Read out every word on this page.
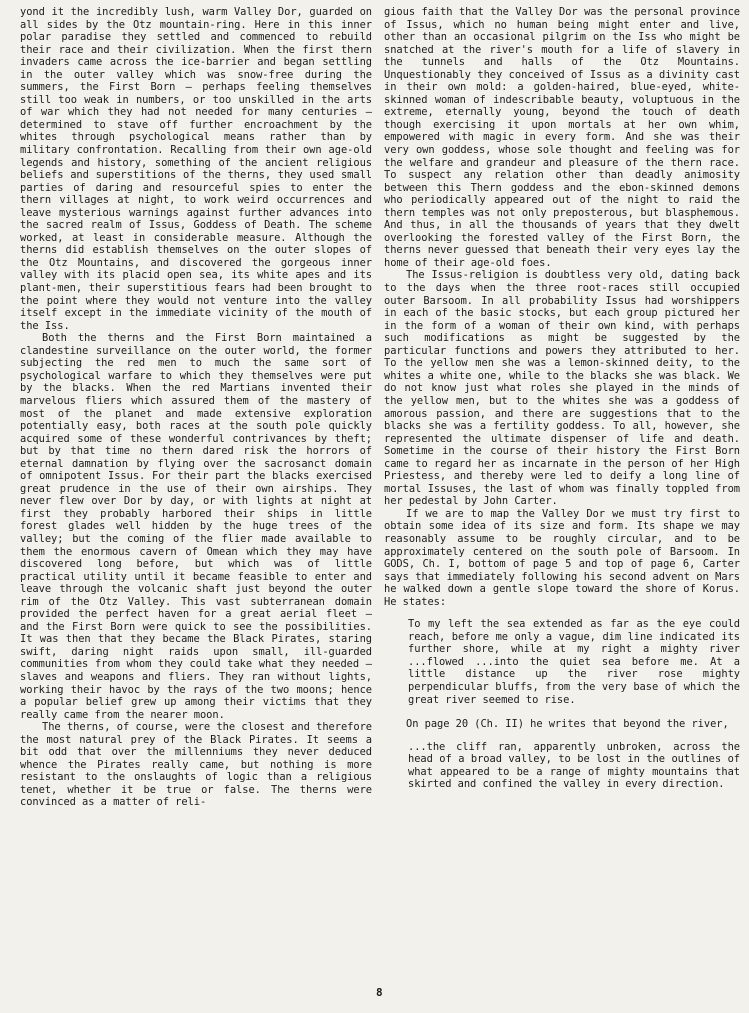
yond it the incredibly lush, warm Valley Dor, guarded on all sides by the Otz mountain-ring. Here in this inner polar paradise they settled and commenced to rebuild their race and their civilization. When the first thern invaders came across the ice-barrier and began settling in the outer valley which was snow-free during the summers, the First Born — perhaps feeling themselves still too weak in numbers, or too unskilled in the arts of war which they had not needed for many centuries — determined to stave off further encroachment by the whites through psychological means rather than by military confrontation. Recalling from their own age-old legends and history, something of the ancient religious beliefs and superstitions of the therns, they used small parties of daring and resourceful spies to enter the thern villages at night, to work weird occurrences and leave mysterious warnings against further advances into the sacred realm of Issus, Goddess of Death. The scheme worked, at least in considerable measure. Although the therns did establish themselves on the outer slopes of the Otz Mountains, and discovered the gorgeous inner valley with its placid open sea, its white apes and its plant-men, their superstitious fears had been brought to the point where they would not venture into the valley itself except in the immediate vicinity of the mouth of the Iss.

Both the therns and the First Born maintained a clandestine surveillance on the outer world, the former subjecting the red men to much the same sort of psychological warfare to which they themselves were put by the blacks. When the red Martians invented their marvelous fliers which assured them of the mastery of most of the planet and made extensive exploration potentially easy, both races at the south pole quickly acquired some of these wonderful contrivances by theft; but by that time no thern dared risk the horrors of eternal damnation by flying over the sacrosanct domain of omnipotent Issus. For their part the blacks exercised great prudence in the use of their own airships. They never flew over Dor by day, or with lights at night at first they probably harbored their ships in little forest glades well hidden by the huge trees of the valley; but the coming of the flier made available to them the enormous cavern of Omean which they may have discovered long before, but which was of little practical utility until it became feasible to enter and leave through the volcanic shaft just beyond the outer rim of the Otz Valley. This vast subterranean domain provided the perfect haven for a great aerial fleet — and the First Born were quick to see the possibilities. It was then that they became the Black Pirates, staring swift, daring night raids upon small, ill-guarded communities from whom they could take what they needed — slaves and weapons and fliers. They ran without lights, working their havoc by the rays of the two moons; hence a popular belief grew up among their victims that they really came from the nearer moon.

The therns, of course, were the closest and therefore the most natural prey of the Black Pirates. It seems a bit odd that over the millenniums they never deduced whence the Pirates really came, but nothing is more resistant to the onslaughts of logic than a religious tenet, whether it be true or false. The therns were convinced as a matter of reli-

gious faith that the Valley Dor was the personal province of Issus, which no human being might enter and live, other than an occasional pilgrim on the Iss who might be snatched at the river's mouth for a life of slavery in the tunnels and halls of the Otz Mountains. Unquestionably they conceived of Issus as a divinity cast in their own mold: a golden-haired, blue-eyed, white-skinned woman of indescribable beauty, voluptuous in the extreme, eternally young, beyond the touch of death though exercising it upon mortals at her own whim, empowered with magic in every form. And she was their very own goddess, whose sole thought and feeling was for the welfare and grandeur and pleasure of the thern race. To suspect any relation other than deadly animosity between this Thern goddess and the ebon-skinned demons who periodically appeared out of the night to raid the thern temples was not only preposterous, but blasphemous. And thus, in all the thousands of years that they dwelt overlooking the forested valley of the First Born, the therns never guessed that beneath their very eyes lay the home of their age-old foes.

The Issus-religion is doubtless very old, dating back to the days when the three root-races still occupied outer Barsoom. In all probability Issus had worshippers in each of the basic stocks, but each group pictured her in the form of a woman of their own kind, with perhaps such modifications as might be suggested by the particular functions and powers they attributed to her. To the yellow men she was a lemon-skinned deity, to the whites a white one, while to the blacks she was black. We do not know just what roles she played in the minds of the yellow men, but to the whites she was a goddess of amorous passion, and there are suggestions that to the blacks she was a fertility goddess. To all, however, she represented the ultimate dispenser of life and death. Sometime in the course of their history the First Born came to regard her as incarnate in the person of her High Priestess, and thereby were led to deify a long line of mortal Issuses, the last of whom was finally toppled from her pedestal by John Carter.

If we are to map the Valley Dor we must try first to obtain some idea of its size and form. Its shape we may reasonably assume to be roughly circular, and to be approximately centered on the south pole of Barsoom. In GODS, Ch. I, bottom of page 5 and top of page 6, Carter says that immediately following his second advent on Mars he walked down a gentle slope toward the shore of Korus. He states:

To my left the sea extended as far as the eye could reach, before me only a vague, dim line indicated its further shore, while at my right a mighty river ...flowed ...into the quiet sea before me. At a little distance up the river rose mighty perpendicular bluffs, from the very base of which the great river seemed to rise.

On page 20 (Ch. II) he writes that beyond the river,

...the cliff ran, apparently unbroken, across the head of a broad valley, to be lost in the outlines of what appeared to be a range of mighty mountains that skirted and confined the valley in every direction.
8
